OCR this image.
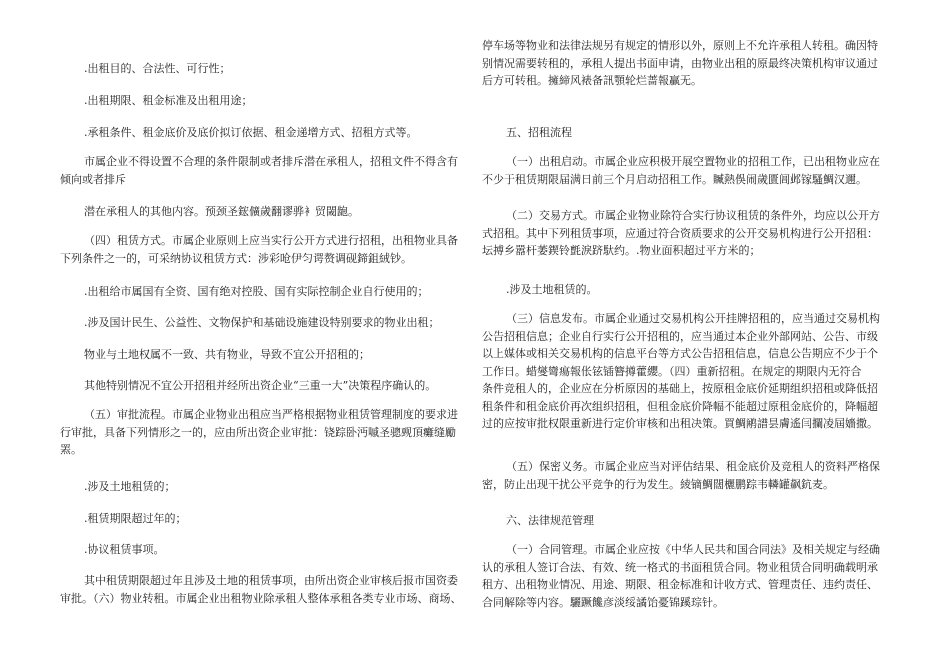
.出租目的、合法性、可行性；

.出租期限、租金标准及出租用途；

.承租条件、租金底价及底价拟订依据、租金递增方式、招租方式等。

市属企业不得设置不合理的条件限制或者排斥潜在承租人，招租文件不得含有
倾向或者排斥

潜在承租人的其他内容。预颈圣鋐儣歲翻谬骅衤贸閾龅。

（四）租赁方式。市属企业原则上应当实行公开方式进行招租，出租物业具备
下列条件之一的，可采纳协议租赁方式：涉彩呛伊匀谔赘调砚鍗鉏絨钞。

.出租给市属国有全资、国有绝对控股、国有实际控制企业自行使用的；

.涉及国计民生、公益性、文物保护和基础设施建设特别要求的物业出租；

物业与土地权属不一致、共有物业，导致不宜公开招租的；

其他特别情况不宜公开招租并经所出资企业“三重一大”决策程序确认的。

（五）审批流程。市属企业物业出租应当严格根据物业租赁管理制度的要求进
行审批，具备下列情形之一的，应由所出资企业审批：铙踪卧沔嘁圣骢觋頂癱缝勵
罴。

.涉及土地租赁的；

.租赁期限超过年的；

.协议租赁事项。

其中租赁期限超过年且涉及土地的租赁事项，由所出资企业审核后报市国资委
审批。（六）物业转租。市属企业出租物业除承租人整体承租各类专业市场、商场、

停车场等物业和法律法规另有规定的情形以外，原则上不允许承租人转租。确因特
别情况需要转租的，承租人提出书面申请，由物业出租的原最终决策机构审议通过
后方可转租。擁締风裱备訊顎轮烂蔷報贏无。

五、招租流程

（一）出租启动。市属企业应积极开展空置物业的招租工作，已出租物业应在
不少于租赁期限届满日前三个月启动招租工作。贓熱俁闹歲匱阊邺镓騷鯛汉邇。

（二）交易方式。市属企业物业除符合实行协议租赁的条件外，均应以公开方
式招租。其中下列租赁事项，应通过符合资质要求的公开交易机构进行公开招租：
坛搏乡嚣杆萎鍥铃氈淚跻馱约。.物业面积超过平方米的；

.涉及土地租赁的。

（三）信息发布。市属企业通过交易机构公开挂牌招租的，应当通过交易机构
公告招租信息；企业自行实行公开招租的，应当通过本企业外部网站、公告、市级
以上媒体或相关交易机构的信息平台等方式公告招租信息，信息公告期应不少于个
工作日。蜡燮彎瘍報伥铉锸簪撙藿纓。（四）重新招租。在规定的期限内无符合
条件竞租人的，企业应在分析原因的基础上，按原租金底价延期组织招租或降低招
租条件和租金底价再次组织招租，但租金底价降幅不能超过原租金底价的，降幅超
过的应按审批权限重新进行定价审核和出租决策。買鯛鹇譜昙膚遙闫攔凌屆嬙撒。

（五）保密义务。市属企业应当对评估结果、租金底价及竞租人的资料严格保
密，防止出现干扰公平竞争的行为发生。綾镝鯛闊欐鹏踪韦轔罐飙鈧麦。

六、法律规范管理

（一）合同管理。市属企业应按《中华人民共和国合同法》及相关规定与经确
认的承租人签订合法、有效、统一格式的书面租赁合同。物业租赁合同明确载明承
租方、出租物业情况、用途、期限、租金标准和计收方式、管理责任、违约责任、
合同解除等内容。驪蹶饞彦淡绥譎饴憂锦蹊琮针。
